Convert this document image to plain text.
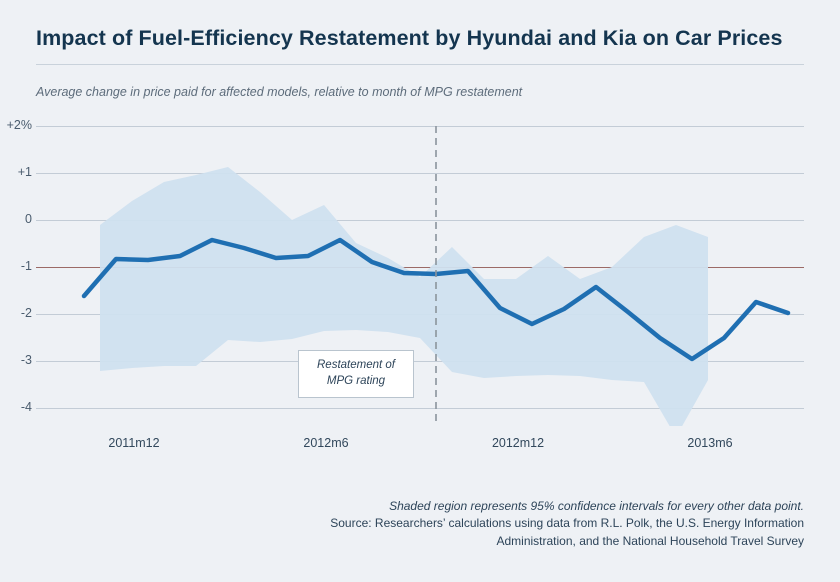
Impact of Fuel-Efficiency Restatement by Hyundai and Kia on Car Prices
Average change in price paid for affected models, relative to month of MPG restatement
+2%
+1
0
-1
-2
-3
-4
Restatement of
MPG rating
2011m12	2012m6	2012m12	2013m6
Shaded region represents 95% confidence intervals for every other data point.
Source: Researchers’ calculations using data from R.L. Polk, the U.S. Energy Information Administration, and the National Household Travel Survey
